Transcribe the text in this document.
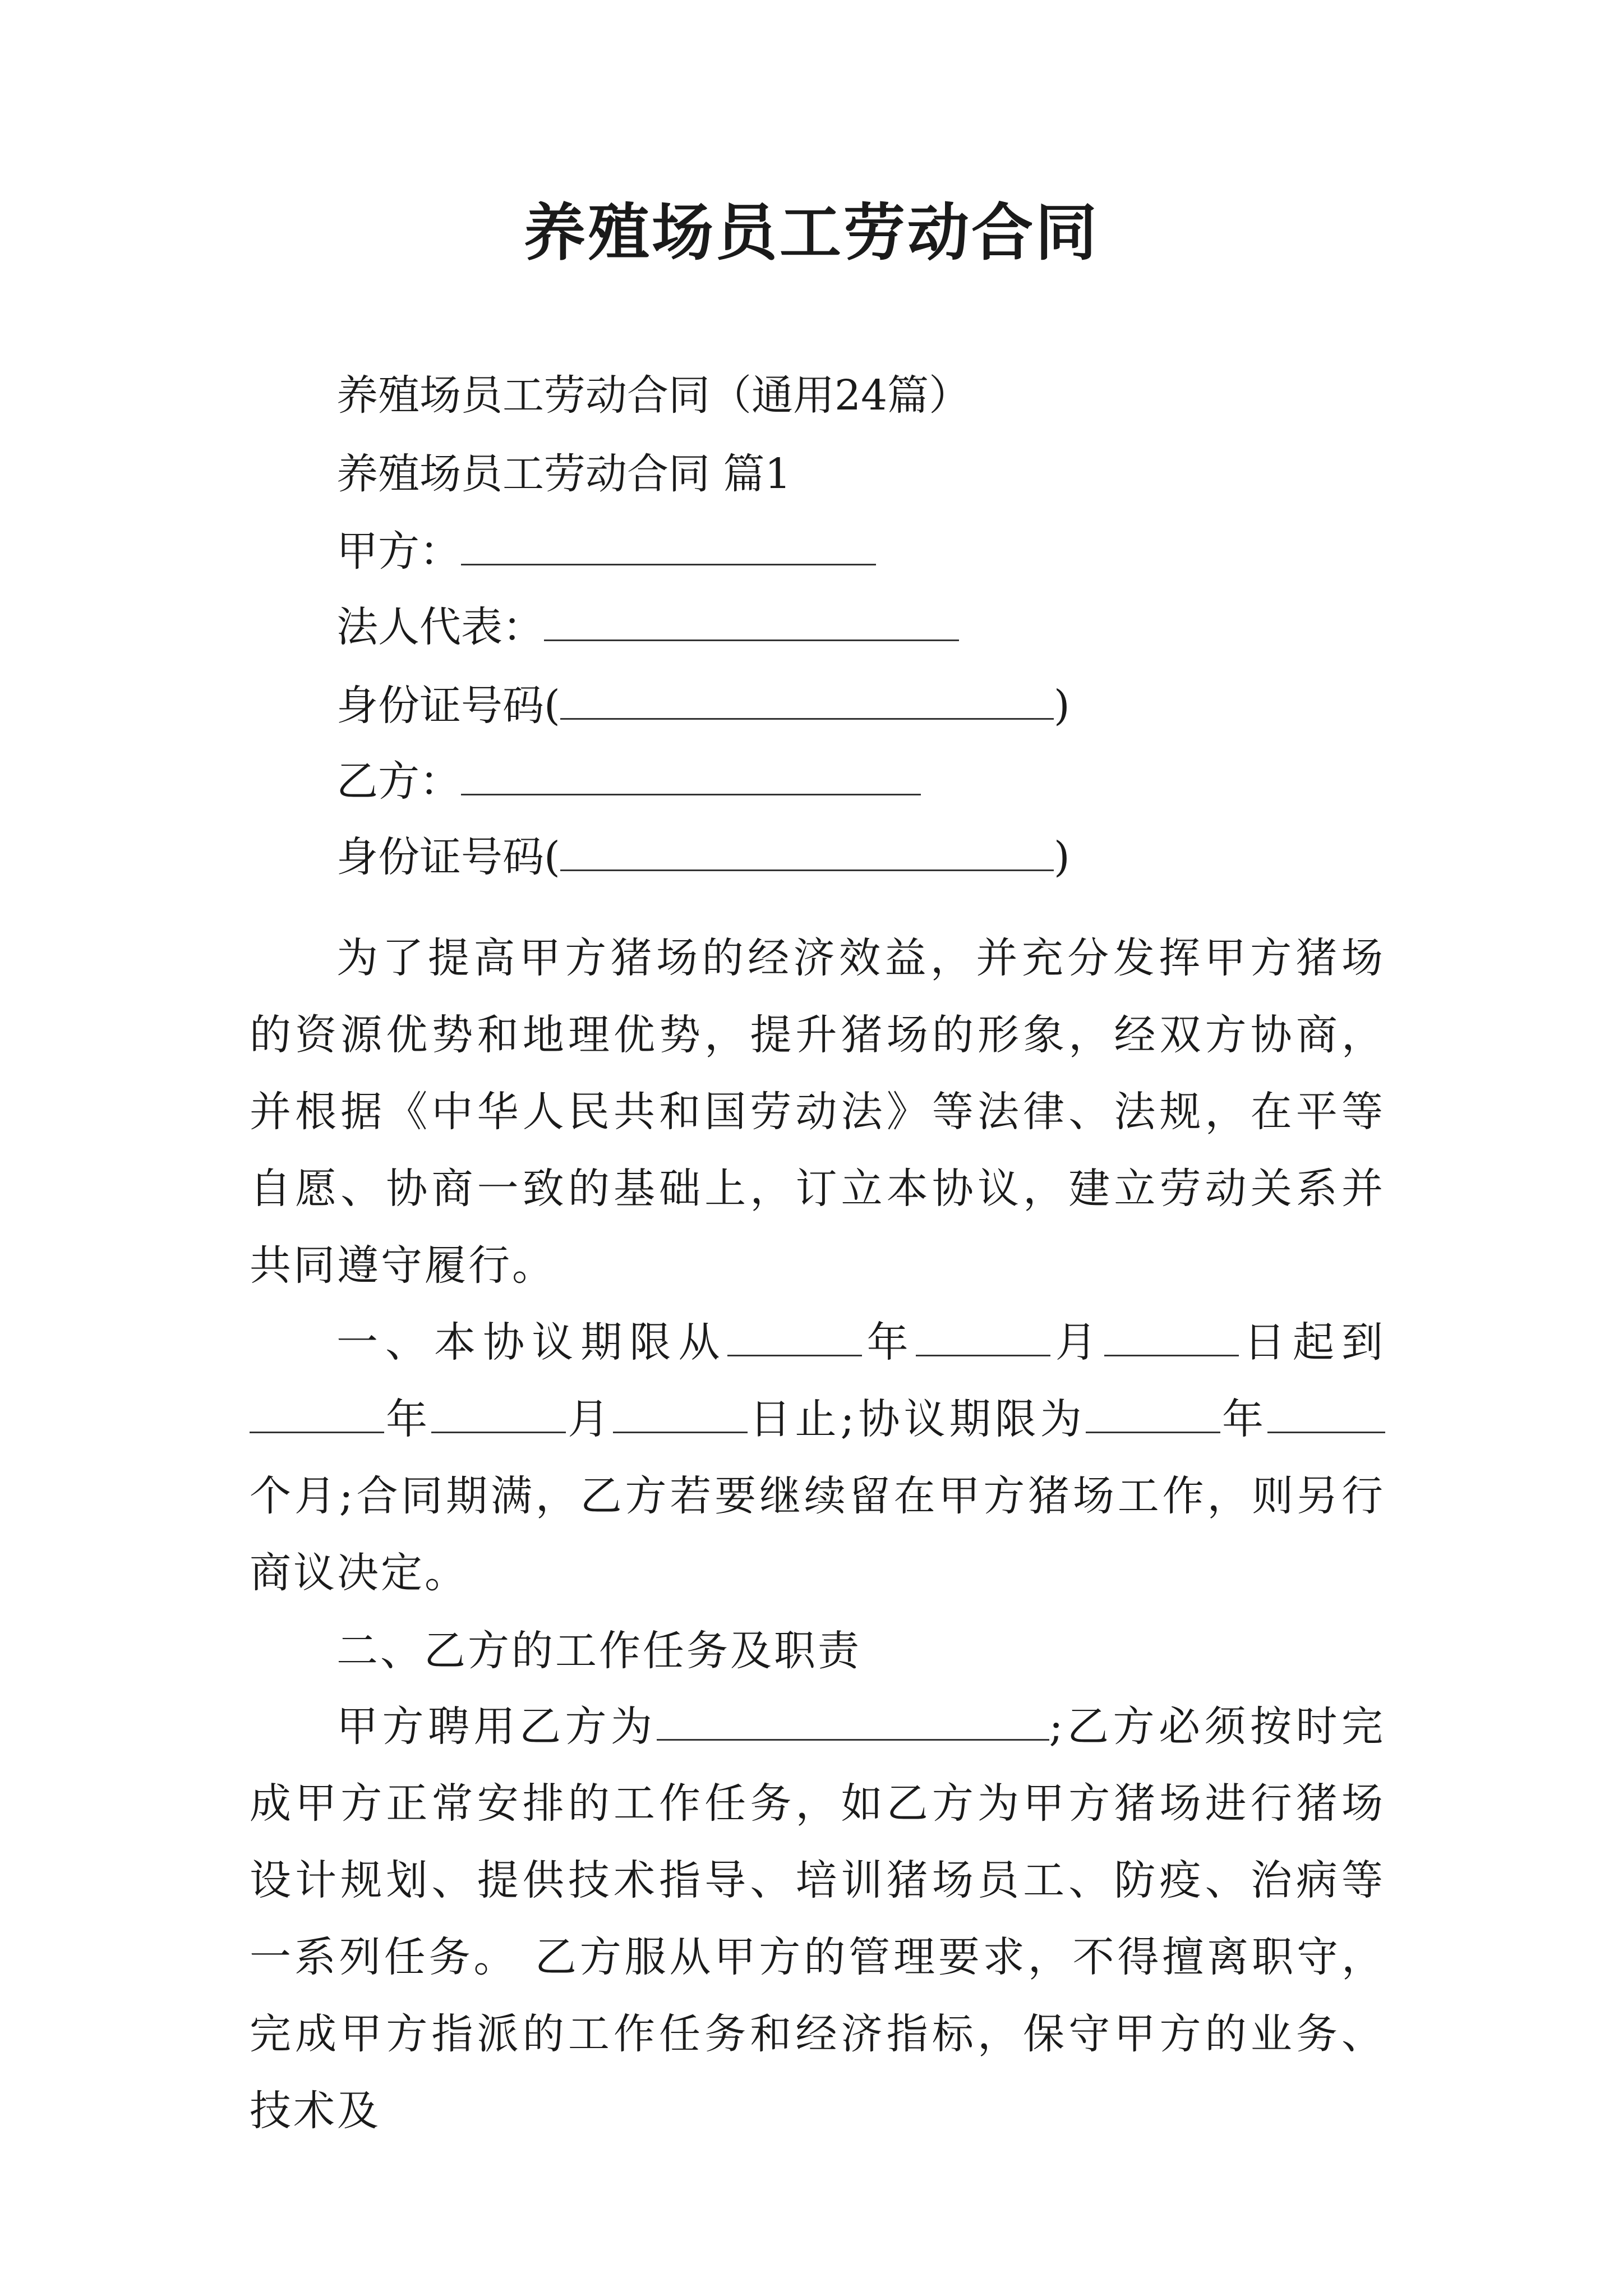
养殖场员工劳动合同
养殖场员工劳动合同（通用24篇）
养殖场员工劳动合同 篇1
甲方：
法人代表：
身份证号码(	)
乙方：
身份证号码(	)

为了提高甲方猪场的经济效益，并充分发挥甲方猪场的资源优势和地理优势，提升猪场的形象，经双方协商，并根据《中华人民共和国劳动法》等法律、法规，在平等自愿、协商一致的基础上，订立本协议，建立劳动关系并共同遵守履行。

一、本协议期限从	年	月	日起到年	月	日止;协议期限为	年个月;合同期满，乙方若要继续留在甲方猪场工作，则另行商议决定。

二、乙方的工作任务及职责

甲方聘用乙方为	;乙方必须按时完成甲方正常安排的工作任务，如乙方为甲方猪场进行猪场设计规划、提供技术指导、培训猪场员工、防疫、治病等一系列任务。 乙方服从甲方的管理要求，不得擅离职守，完成甲方指派的工作任务和经济指标，保守甲方的业务、技术及
